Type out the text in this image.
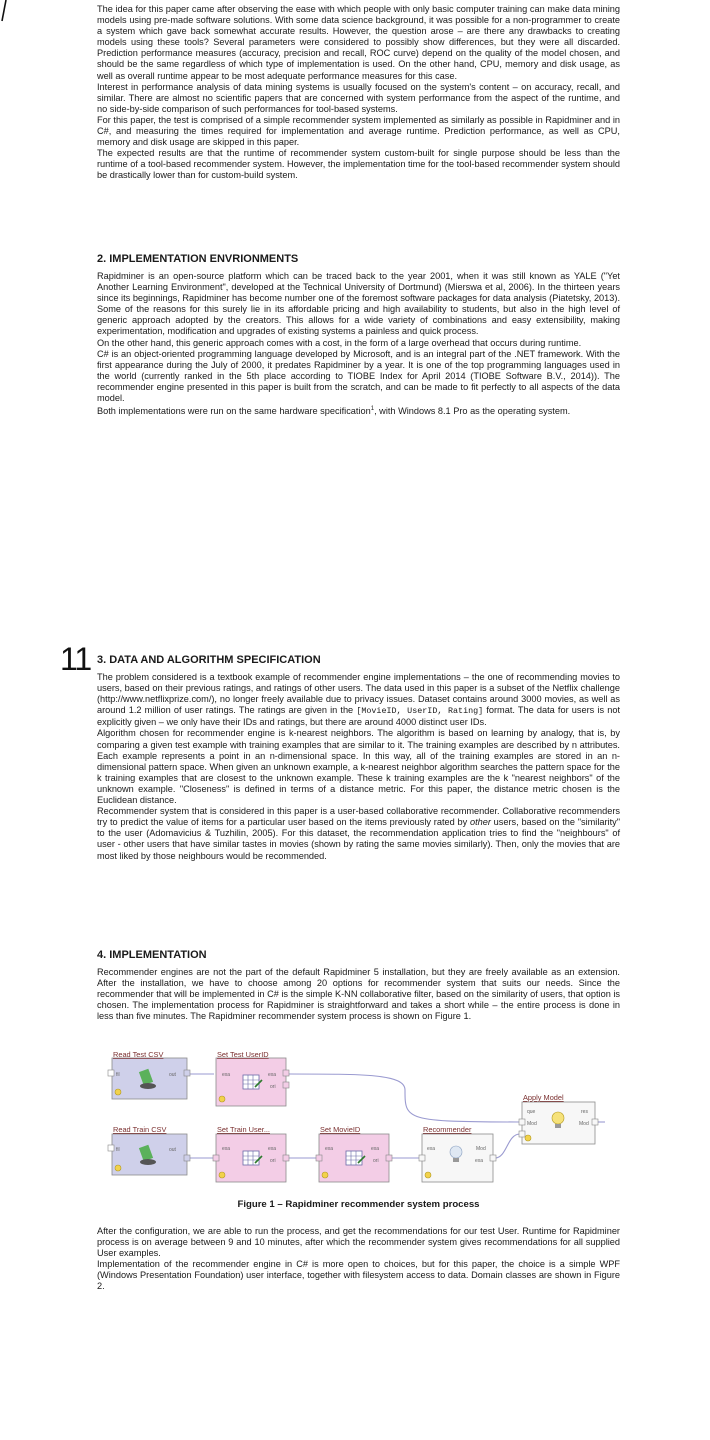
The idea for this paper came after observing the ease with which people with only basic computer training can make data mining models using pre-made software solutions. With some data science background, it was possible for a non-programmer to create a system which gave back somewhat accurate results. However, the question arose – are there any drawbacks to creating models using these tools? Several parameters were considered to possibly show differences, but they were all discarded. Prediction performance measures (accuracy, precision and recall, ROC curve) depend on the quality of the model chosen, and should be the same regardless of which type of implementation is used. On the other hand, CPU, memory and disk usage, as well as overall runtime appear to be most adequate performance measures for this case.

Interest in performance analysis of data mining systems is usually focused on the system's content – on accuracy, recall, and similar. There are almost no scientific papers that are concerned with system performance from the aspect of the runtime, and no side-by-side comparison of such performances for tool-based systems.

For this paper, the test is comprised of a simple recommender system implemented as similarly as possible in Rapidminer and in C#, and measuring the times required for implementation and average runtime. Prediction performance, as well as CPU, memory and disk usage are skipped in this paper.

The expected results are that the runtime of recommender system custom-built for single purpose should be less than the runtime of a tool-based recommender system. However, the implementation time for the tool-based recommender system should be drastically lower than for custom-build system.

2. IMPLEMENTATION ENVRIONMENTS

Rapidminer is an open-source platform which can be traced back to the year 2001, when it was still known as YALE ("Yet Another Learning Environment", developed at the Technical University of Dortmund) (Mierswa et al, 2006). In the thirteen years since its beginnings, Rapidminer has become number one of the foremost software packages for data analysis (Piatetsky, 2013). Some of the reasons for this surely lie in its affordable pricing and high availability to students, but also in the high level of generic approach adopted by the creators. This allows for a wide variety of combinations and easy extensibility, making experimentation, modification and upgrades of existing systems a painless and quick process.

On the other hand, this generic approach comes with a cost, in the form of a large overhead that occurs during runtime.

C# is an object-oriented programming language developed by Microsoft, and is an integral part of the .NET framework. With the first appearance during the July of 2000, it predates Rapidminer by a year. It is one of the top programming languages used in the world (currently ranked in the 5th place according to TIOBE Index for April 2014 (TIOBE Software B.V., 2014)). The recommender engine presented in this paper is built from the scratch, and can be made to fit perfectly to all aspects of the data model.

Both implementations were run on the same hardware specification$^1$, with Windows 8.1 Pro as the operating system.

11 3. DATA AND ALGORITHM SPECIFICATION

The problem considered is a textbook example of recommender engine implementations – the one of recommending movies to users, based on their previous ratings, and ratings of other users. The data used in this paper is a subset of the Netflix challenge (http://www.netflixprize.com/), no longer freely available due to privacy issues. Dataset contains around 3000 movies, as well as around 1.2 million of user ratings. The ratings are given in the [MovieID, UserID, Rating] format. The data for users is not explicitly given – we only have their IDs and ratings, but there are around 4000 distinct user IDs.

Algorithm chosen for recommender engine is k-nearest neighbors. The algorithm is based on learning by analogy, that is, by comparing a given test example with training examples that are similar to it. The training examples are described by n attributes. Each example represents a point in an n-dimensional space. In this way, all of the training examples are stored in an n-dimensional pattern space. When given an unknown example, a k-nearest neighbor algorithm searches the pattern space for the k training examples that are closest to the unknown example. These k training examples are the k "nearest neighbors" of the unknown example. "Closeness" is defined in terms of a distance metric. For this paper, the distance metric chosen is the Euclidean distance.

Recommender system that is considered in this paper is a user-based collaborative recommender. Collaborative recommenders try to predict the value of items for a particular user based on the items previously rated by other users, based on the "similarity" to the user (Adomavicius & Tuzhilin, 2005). For this dataset, the recommendation application tries to find the "neighbours" of user - other users that have similar tastes in movies (shown by rating the same movies similarly). Then, only the movies that are most liked by those neighbours would be recommended.

4. IMPLEMENTATION

Recommender engines are not the part of the default Rapidminer 5 installation, but they are freely available as an extension. After the installation, we have to choose among 20 options for recommender system that suits our needs. Since the recommender that will be implemented in C# is the simple K-NN collaborative filter, based on the similarity of users, that option is chosen. The implementation process for Rapidminer is straightforward and takes a short while – the entire process is done in less than five minutes. The Rapidminer recommender system process is shown on Figure 1.

Read Test CSV
fil	out
Set Test UserID
exa	exa
ori
Apply Model
que
Mod
res
Mod
Read Train CSV
fil	out
Set Train User...
exa	exa
ori
Set MovieID
exa	exa
ori
Recommender
exa	Mod
exa
Figure 1 – Rapidminer recommender system process

After the configuration, we are able to run the process, and get the recommendations for our test User. Runtime for Rapidminer process is on average between 9 and 10 minutes, after which the recommender system gives recommendations for all supplied User examples.

Implementation of the recommender engine in C# is more open to choices, but for this paper, the choice is a simple WPF (Windows Presentation Foundation) user interface, together with filesystem access to data. Domain classes are shown in Figure 2.
